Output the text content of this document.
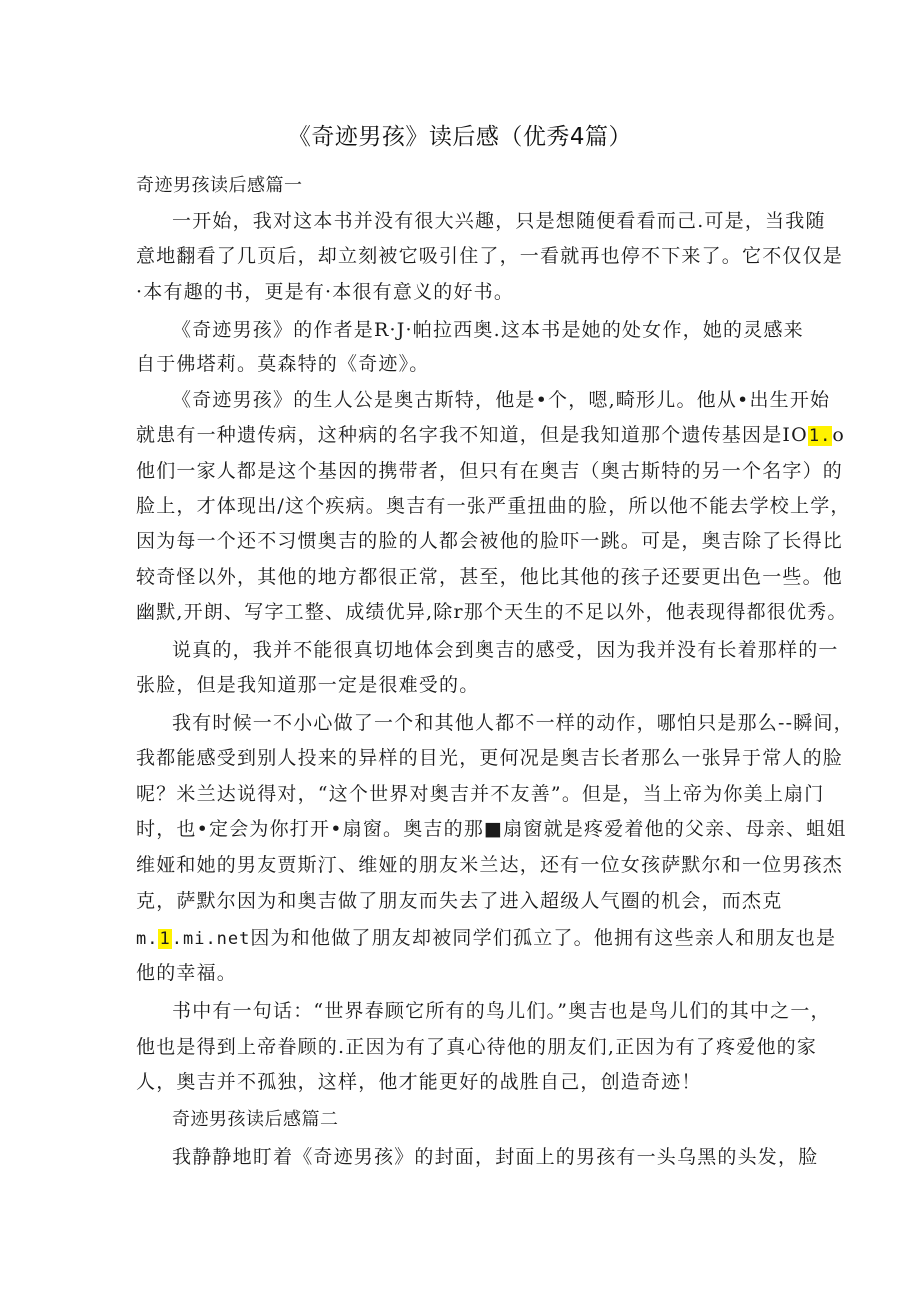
《奇迹男孩》读后感（优秀4篇）
奇迹男孩读后感篇一
一开始，我对这本书并没有很大兴趣，只是想随便看看而己.可是，当我随
意地翻看了几页后，却立刻被它吸引住了，一看就再也停不下来了。它不仅仅是
·本有趣的书，更是有·本很有意义的好书。
《奇迹男孩》的作者是R·J·帕拉西奥.这本书是她的处女作，她的灵感来
自于佛塔莉。莫森特的《奇迹》。
《奇迹男孩》的生人公是奥古斯特，他是•个，嗯,畸形儿。他从•出生开始
就患有一种遗传病，这种病的名字我不知道，但是我知道那个遗传基因是IO1.o
他们一家人都是这个基因的携带者，但只有在奥吉（奥古斯特的另一个名字）的
脸上，才体现出/这个疾病。奥吉有一张严重扭曲的脸，所以他不能去学校上学，
因为每一个还不习惯奥吉的脸的人都会被他的脸吓一跳。可是，奥吉除了长得比
较奇怪以外，其他的地方都很正常，甚至，他比其他的孩子还要更出色一些。他
幽默,开朗、写字工整、成绩优异,除r那个天生的不足以外，他表现得都很优秀。
说真的，我并不能很真切地体会到奥吉的感受，因为我并没有长着那样的一
张脸，但是我知道那一定是很难受的。
我有时候一不小心做了一个和其他人都不一样的动作，哪怕只是那么--瞬间，
我都能感受到别人投来的异样的目光，更何况是奥吉长者那么一张异于常人的脸
呢？米兰达说得对，“这个世界对奥吉并不友善”。但是，当上帝为你美上扇门
时，也•定会为你打开•扇窗。奥吉的那■扇窗就是疼爱着他的父亲、母亲、蛆姐
维娅和她的男友贾斯汀、维娅的朋友米兰达，还有一位女孩萨默尔和一位男孩杰
克，萨默尔因为和奥吉做了朋友而失去了进入超级人气圈的机会，而杰克
m.1.mi.net因为和他做了朋友却被同学们孤立了。他拥有这些亲人和朋友也是
他的幸福。
书中有一句话：“世界春顾它所有的鸟儿们。”奥吉也是鸟儿们的其中之一，
他也是得到上帝眷顾的.正因为有了真心待他的朋友们,正因为有了疼爱他的家
人，奥吉并不孤独，这样，他才能更好的战胜自己，创造奇迹！
奇迹男孩读后感篇二
我静静地盯着《奇迹男孩》的封面，封面上的男孩有一头乌黑的头发，脸
